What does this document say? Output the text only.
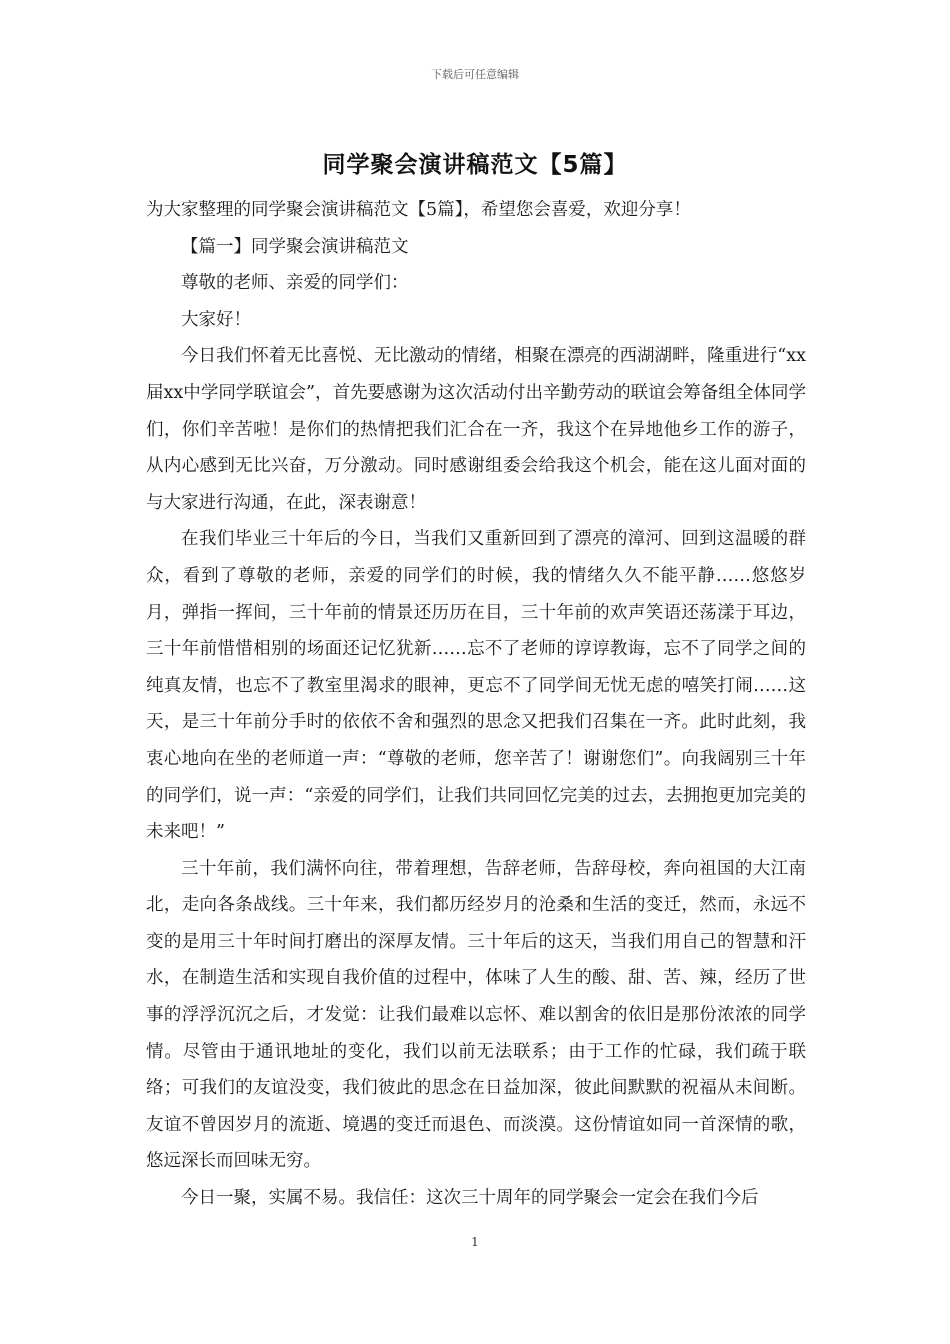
下载后可任意编辑
同学聚会演讲稿范文【5篇】

为大家整理的同学聚会演讲稿范文【5篇】，希望您会喜爱，欢迎分享！

【篇一】同学聚会演讲稿范文

尊敬的老师、亲爱的同学们：

大家好！

今日我们怀着无比喜悦、无比激动的情绪，相聚在漂亮的西湖湖畔，隆重进行“xx届xx中学同学联谊会”，首先要感谢为这次活动付出辛勤劳动的联谊会筹备组全体同学们，你们辛苦啦！是你们的热情把我们汇合在一齐，我这个在异地他乡工作的游子，从内心感到无比兴奋，万分激动。同时感谢组委会给我这个机会，能在这儿面对面的与大家进行沟通，在此，深表谢意！

在我们毕业三十年后的今日，当我们又重新回到了漂亮的漳河、回到这温暖的群众，看到了尊敬的老师，亲爱的同学们的时候，我的情绪久久不能平静……悠悠岁月，弹指一挥间，三十年前的情景还历历在目，三十年前的欢声笑语还荡漾于耳边，三十年前惜惜相别的场面还记忆犹新……忘不了老师的谆谆教诲，忘不了同学之间的纯真友情，也忘不了教室里渴求的眼神，更忘不了同学间无忧无虑的嘻笑打闹……这天，是三十年前分手时的依依不舍和强烈的思念又把我们召集在一齐。此时此刻，我衷心地向在坐的老师道一声：“尊敬的老师，您辛苦了！谢谢您们”。向我阔别三十年的同学们，说一声：“亲爱的同学们，让我们共同回忆完美的过去，去拥抱更加完美的未来吧！”

三十年前，我们满怀向往，带着理想，告辞老师，告辞母校，奔向祖国的大江南北，走向各条战线。三十年来，我们都历经岁月的沧桑和生活的变迁，然而，永远不变的是用三十年时间打磨出的深厚友情。三十年后的这天，当我们用自己的智慧和汗水，在制造生活和实现自我价值的过程中，体味了人生的酸、甜、苦、辣，经历了世事的浮浮沉沉之后，才发觉：让我们最难以忘怀、难以割舍的依旧是那份浓浓的同学情。尽管由于通讯地址的变化，我们以前无法联系；由于工作的忙碌，我们疏于联络；可我们的友谊没变，我们彼此的思念在日益加深，彼此间默默的祝福从未间断。友谊不曾因岁月的流逝、境遇的变迁而退色、而淡漠。这份情谊如同一首深情的歌，悠远深长而回味无穷。

今日一聚，实属不易。我信任：这次三十周年的同学聚会一定会在我们今后

1
